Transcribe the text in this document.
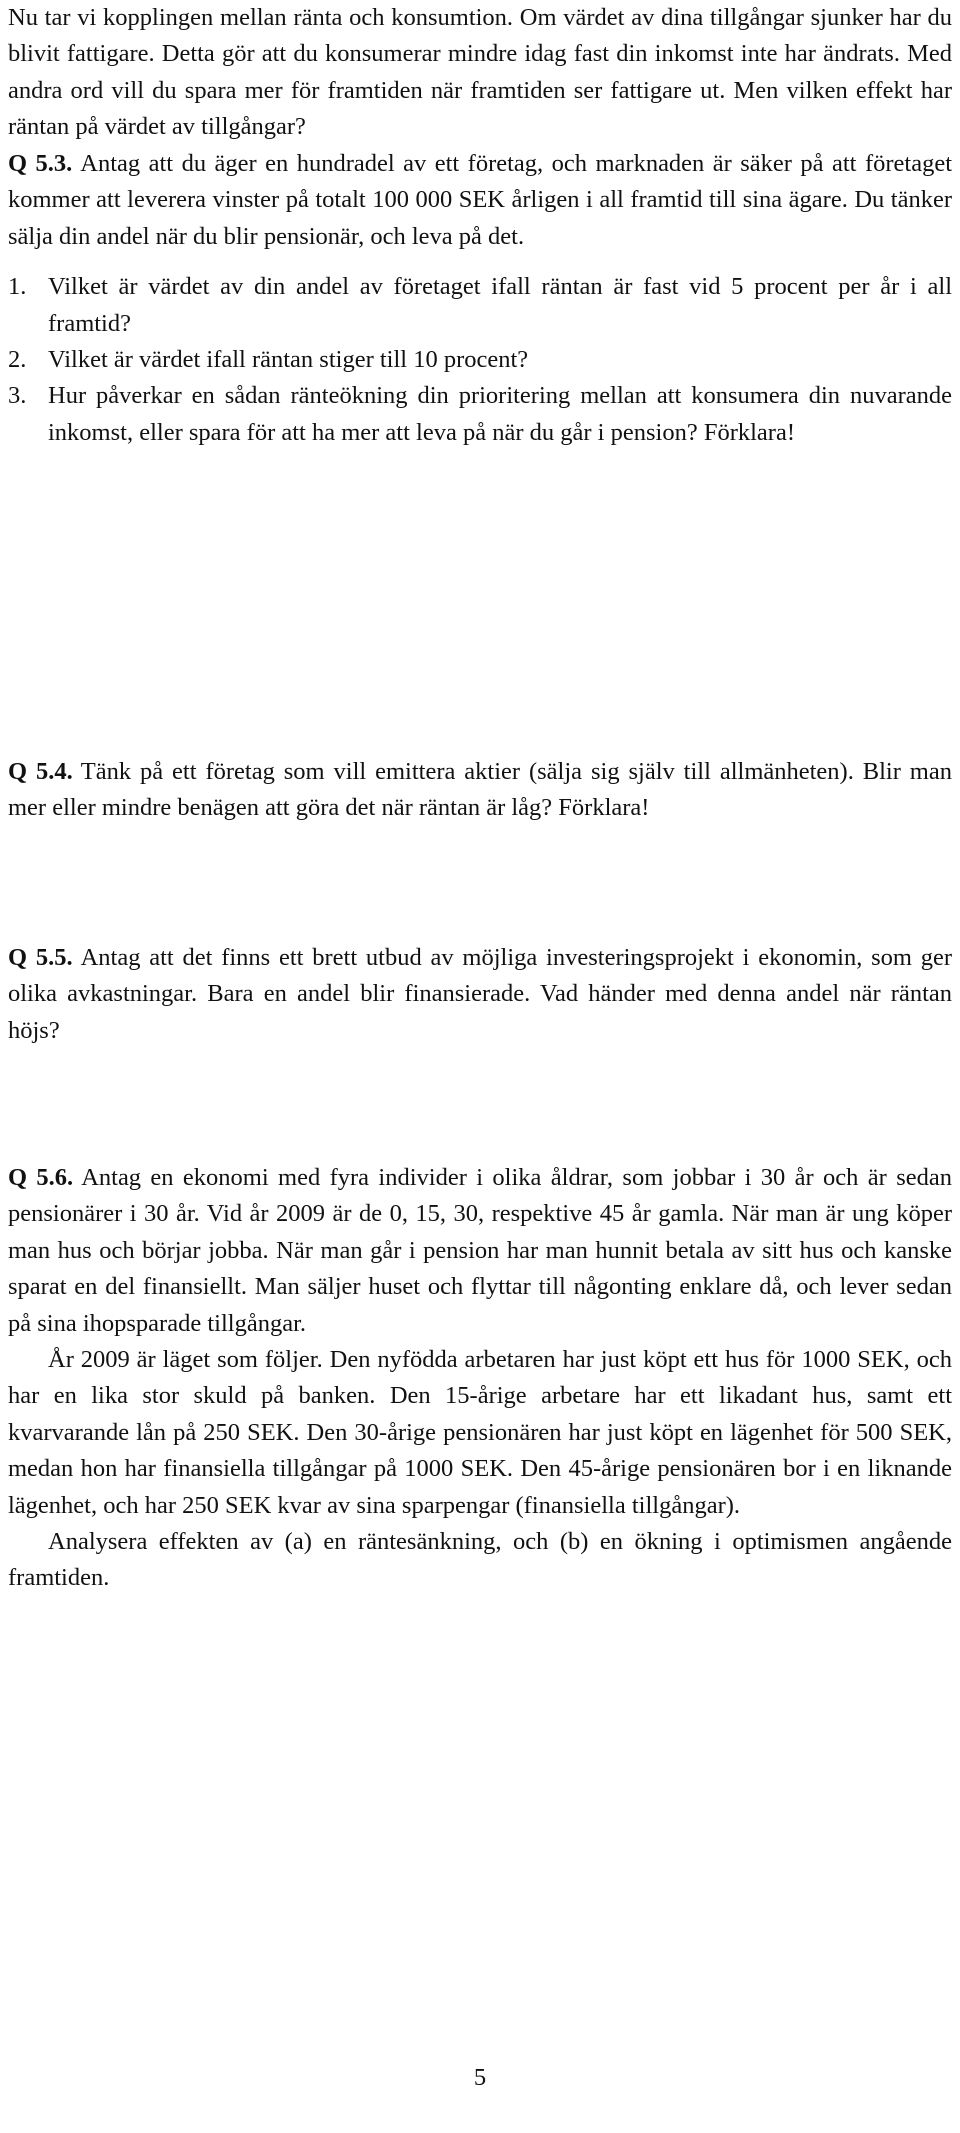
Nu tar vi kopplingen mellan ränta och konsumtion. Om värdet av dina tillgångar sjunker har du blivit fattigare. Detta gör att du konsumerar mindre idag fast din inkomst inte har ändrats. Med andra ord vill du spara mer för framtiden när framtiden ser fattigare ut. Men vilken effekt har räntan på värdet av tillgångar?

Q 5.3. Antag att du äger en hundradel av ett företag, och marknaden är säker på att företaget kommer att leverera vinster på totalt 100 000 SEK årligen i all framtid till sina ägare. Du tänker sälja din andel när du blir pensionär, och leva på det.

1. Vilket är värdet av din andel av företaget ifall räntan är fast vid 5 procent per år i all framtid?
2. Vilket är värdet ifall räntan stiger till 10 procent?
3. Hur påverkar en sådan ränteökning din prioritering mellan att konsumera din nuvarande inkomst, eller spara för att ha mer att leva på när du går i pension? Förklara!

Q 5.4. Tänk på ett företag som vill emittera aktier (sälja sig själv till allmänheten). Blir man mer eller mindre benägen att göra det när räntan är låg? Förklara!

Q 5.5. Antag att det finns ett brett utbud av möjliga investeringsprojekt i ekonomin, som ger olika avkastningar. Bara en andel blir finansierade. Vad händer med denna andel när räntan höjs?

Q 5.6. Antag en ekonomi med fyra individer i olika åldrar, som jobbar i 30 år och är sedan pensionärer i 30 år. Vid år 2009 är de 0, 15, 30, respektive 45 år gamla. När man är ung köper man hus och börjar jobba. När man går i pension har man hunnit betala av sitt hus och kanske sparat en del finansiellt. Man säljer huset och flyttar till någonting enklare då, och lever sedan på sina ihopsparade tillgångar.

År 2009 är läget som följer. Den nyfödda arbetaren har just köpt ett hus för 1000 SEK, och har en lika stor skuld på banken. Den 15-årige arbetare har ett likadant hus, samt ett kvarvarande lån på 250 SEK. Den 30-årige pensionären har just köpt en lägenhet för 500 SEK, medan hon har finansiella tillgångar på 1000 SEK. Den 45-årige pensionären bor i en liknande lägenhet, och har 250 SEK kvar av sina sparpengar (finansiella tillgångar).

Analysera effekten av (a) en räntesänkning, och (b) en ökning i optimismen angående framtiden.

5
